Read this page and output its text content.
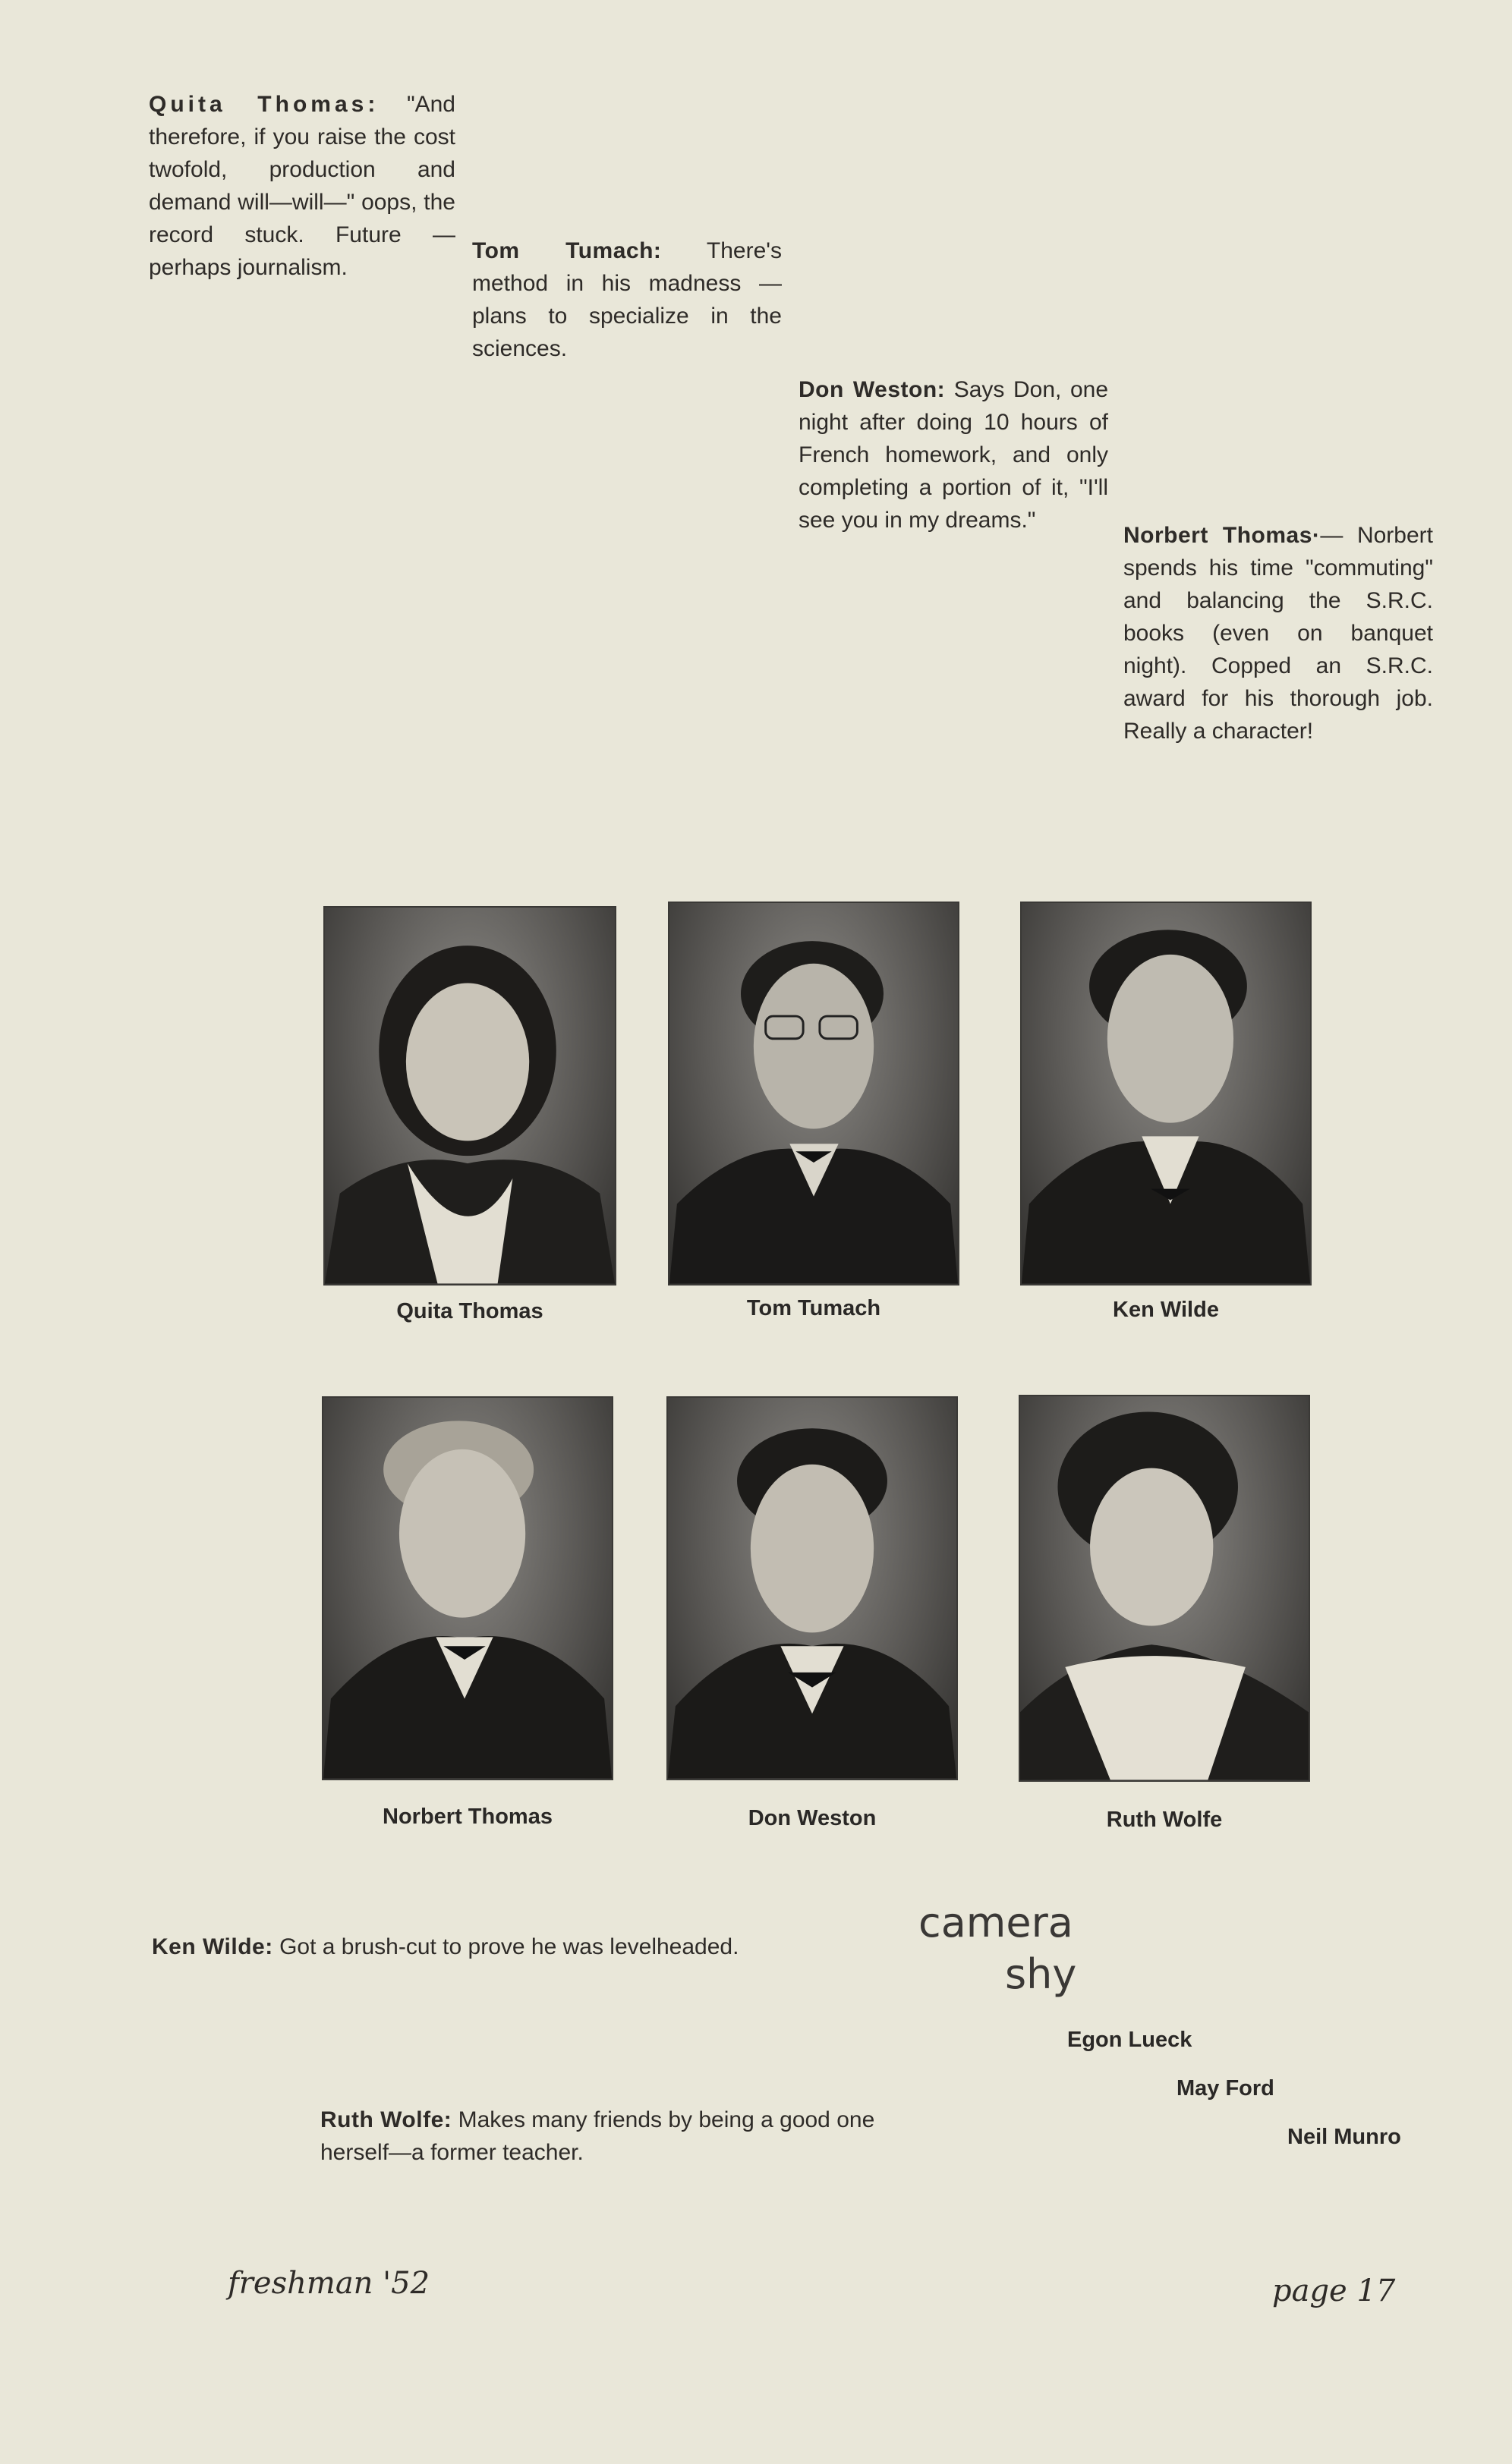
Quita Thomas: "And therefore, if you raise the cost twofold, production and demand will—will—" oops, the record stuck. Future — perhaps journalism.
Tom Tumach: There's method in his madness — plans to specialize in the sciences.
Don Weston: Says Don, one night after doing 10 hours of French homework, and only completing a portion of it, "I'll see you in my dreams."
Norbert Thomas·— Norbert spends his time "commuting" and balancing the S.R.C. books (even on banquet night). Copped an S.R.C. award for his thorough job. Really a character!
Quita Thomas	Tom Tumach	Ken Wilde
Norbert Thomas	Don Weston	Ruth Wolfe
Ken Wilde: Got a brush-cut to prove he was levelheaded.
Ruth Wolfe: Makes many friends by being a good one herself—a former teacher.
camera
shy
Egon Lueck
May Ford
Neil Munro
freshman '52	page 17
